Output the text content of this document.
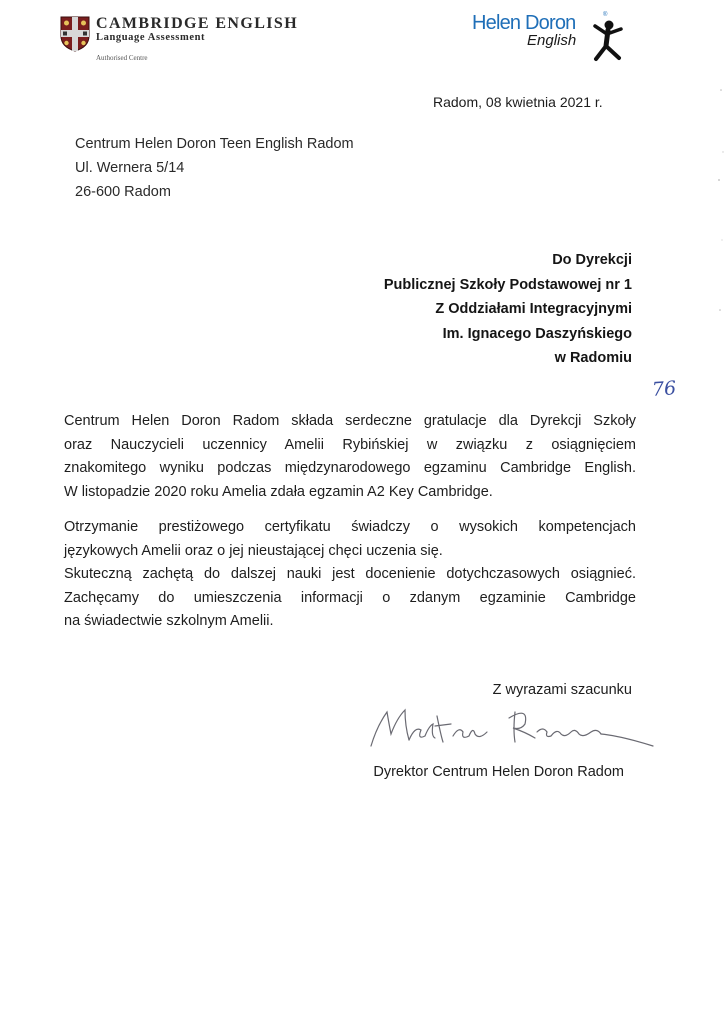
CAMBRIDGE ENGLISH
Language Assessment
Authorised Centre
Helen Doron	®
English
Radom, 08 kwietnia 2021 r.
Centrum Helen Doron Teen English Radom
Ul. Wernera 5/14
26-600 Radom
Do Dyrekcji
Publicznej Szkoły Podstawowej nr 1
Z Oddziałami Integracyjnymi
Im. Ignacego Daszyńskiego
w Radomiu
76
Centrum Helen Doron Radom składa serdeczne gratulacje dla Dyrekcji Szkoły
oraz Nauczycieli uczennicy Amelii Rybińskiej w związku z osiągnięciem
znakomitego wyniku podczas międzynarodowego egzaminu Cambridge English.
W listopadzie 2020 roku Amelia zdała egzamin A2 Key Cambridge.
Otrzymanie prestiżowego certyfikatu świadczy o wysokich kompetencjach
językowych Amelii oraz o jej nieustającej chęci uczenia się.
Skuteczną zachętą do dalszej nauki jest docenienie dotychczasowych osiągnieć.
Zachęcamy do umieszczenia informacji o zdanym egzaminie Cambridge
na świadectwie szkolnym Amelii.
Z wyrazami szacunku
Dyrektor Centrum Helen Doron Radom
